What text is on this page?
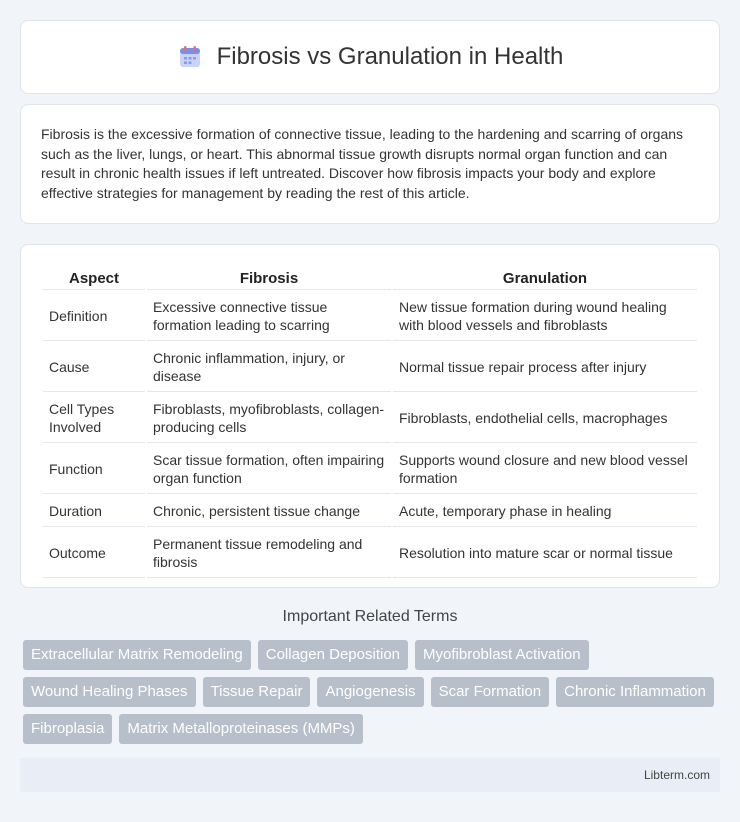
Fibrosis vs Granulation in Health

Fibrosis is the excessive formation of connective tissue, leading to the hardening and scarring of organs such as the liver, lungs, or heart. This abnormal tissue growth disrupts normal organ function and can result in chronic health issues if left untreated. Discover how fibrosis impacts your body and explore effective strategies for management by reading the rest of this article.

Aspect	Fibrosis	Granulation
Definition	Excessive connective tissue formation leading to scarring	New tissue formation during wound healing with blood vessels and fibroblasts
Cause	Chronic inflammation, injury, or disease	Normal tissue repair process after injury
Cell Types Involved	Fibroblasts, myofibroblasts, collagen-producing cells	Fibroblasts, endothelial cells, macrophages
Function	Scar tissue formation, often impairing organ function	Supports wound closure and new blood vessel formation
Duration	Chronic, persistent tissue change	Acute, temporary phase in healing
Outcome	Permanent tissue remodeling and fibrosis	Resolution into mature scar or normal tissue
Important Related Terms
Extracellular Matrix Remodeling	Collagen Deposition	Myofibroblast Activation
Wound Healing Phases	Tissue Repair	Angiogenesis	Scar Formation	Chronic Inflammation
Fibroplasia	Matrix Metalloproteinases (MMPs)
Libterm.com
